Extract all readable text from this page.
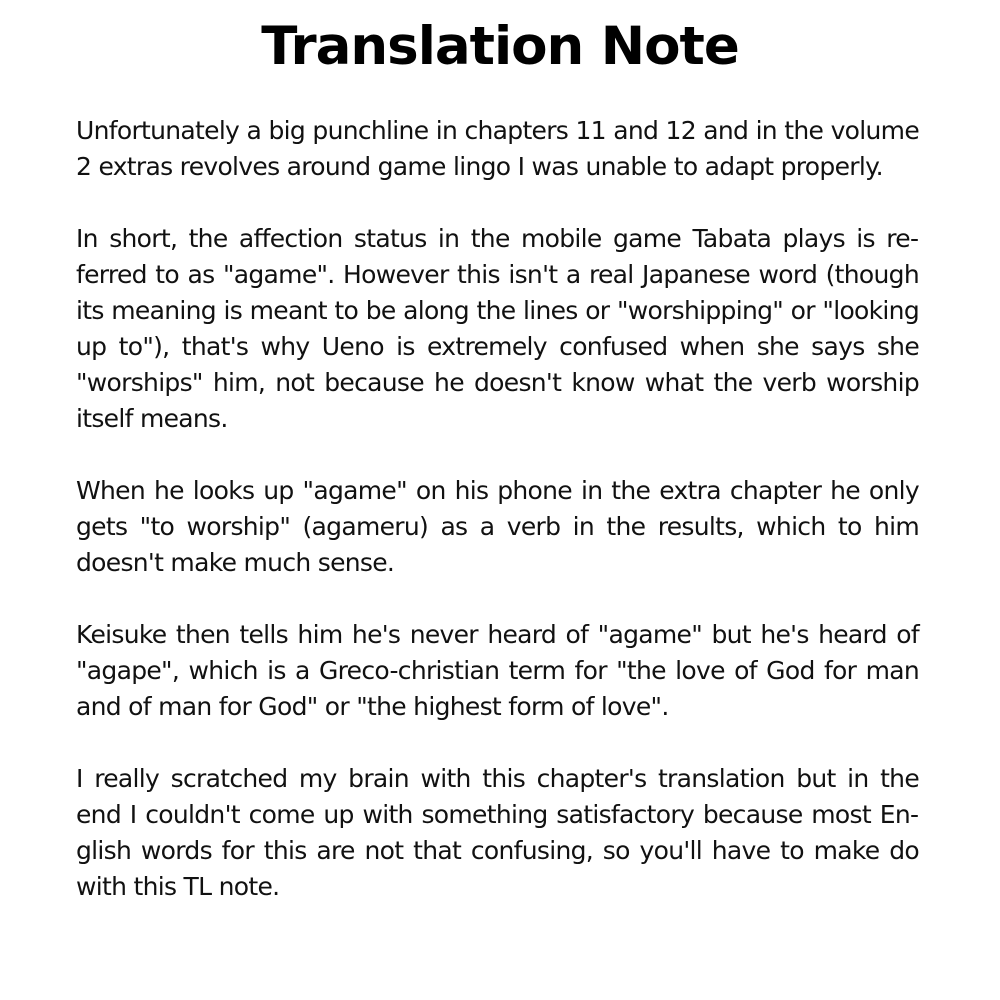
Translation Note

Unfortunately a big punchline in chapters 11 and 12 and in the volume 2 extras revolves around game lingo I was unable to adapt properly.

In short, the affection status in the mobile game Tabata plays is referred to as "agame". However this isn't a real Japanese word (though its meaning is meant to be along the lines or "worshipping" or "looking up to"), that's why Ueno is extremely confused when she says she "worships" him, not because he doesn't know what the verb worship itself means.

When he looks up "agame" on his phone in the extra chapter he only gets "to worship" (agameru) as a verb in the results, which to him doesn't make much sense.

Keisuke then tells him he's never heard of "agame" but he's heard of "agape", which is a Greco-christian term for "the love of God for man and of man for God" or "the highest form of love".

I really scratched my brain with this chapter's translation but in the end I couldn't come up with something satisfactory because most English words for this are not that confusing, so you'll have to make do with this TL note.
